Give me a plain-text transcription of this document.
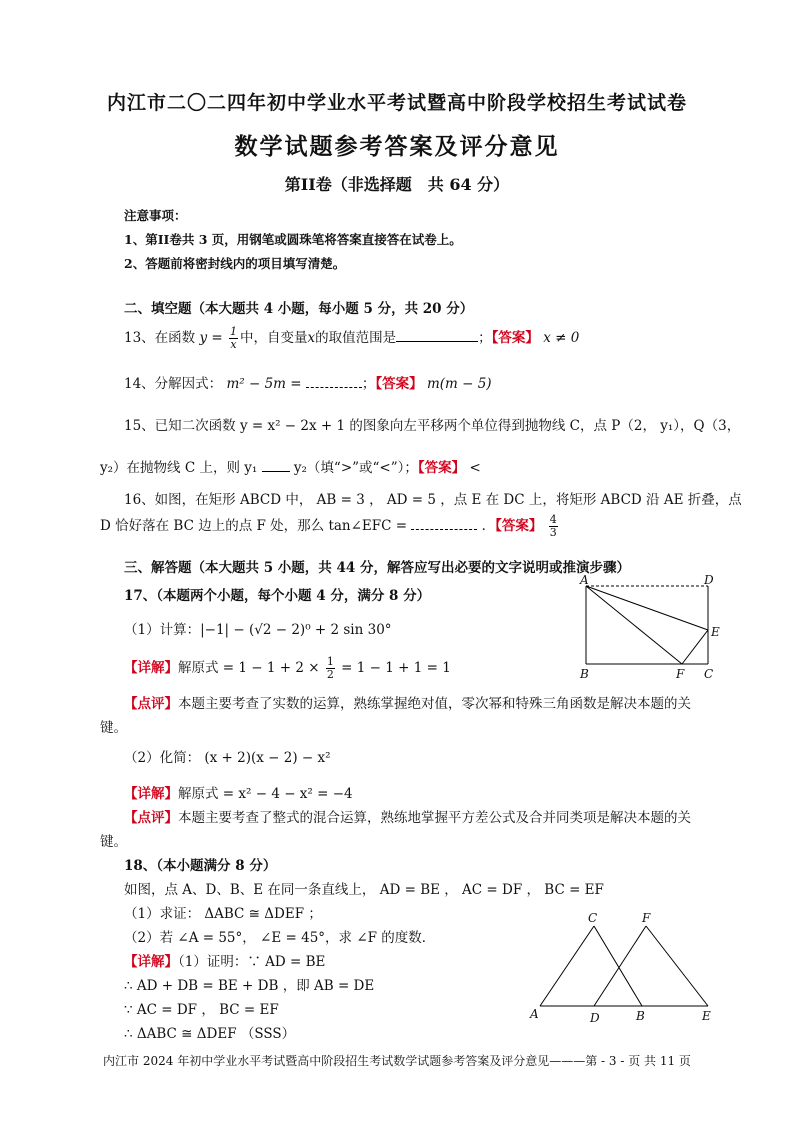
内江市二〇二四年初中学业水平考试暨高中阶段学校招生考试试卷
数学试题参考答案及评分意见
第II卷（非选择题　共 64 分）
注意事项：
1、第II卷共 3 页，用钢笔或圆珠笔将答案直接答在试卷上。
2、答题前将密封线内的项目填写清楚。
二、填空题（本大题共 4 小题，每小题 5 分，共 20 分）
13、在函数 $y = \frac{1}{x}$ 中，自变量x的取值范围是	；【答案】 x ≠ 0
14、分解因式： m² − 5m =	；【答案】 m(m − 5)
15、已知二次函数 y = x² − 2x + 1 的图象向左平移两个单位得到抛物线 C，点 P（2， y₁），Q（3，
y₂）在抛物线 C 上，则 y₁	y₂（填“>”或“<”）；【答案】 <
16、如图，在矩形 ABCD 中， AB = 3 ， AD = 5 ，点 E 在 DC 上，将矩形 ABCD 沿 AE 折叠，点
D 恰好落在 BC 边上的点 F 处，那么 tan∠EFC =	．【答案】 $\frac{4}{3}$
三、解答题（本大题共 5 小题，共 44 分，解答应写出必要的文字说明或推演步骤）
17、（本题两个小题，每个小题 4 分，满分 8 分）
（1）计算：|−1| − (√2 − 2)⁰ + 2 sin 30°
【详解】解原式 = $1 - 1 + 2 \times \frac{1}{2} = 1 - 1 + 1 = 1$
【点评】本题主要考查了实数的运算，熟练掌握绝对值，零次幂和特殊三角函数是解决本题的关
键。
（2）化简： (x + 2)(x − 2) − x²
【详解】解原式 = x² − 4 − x² = −4
【点评】本题主要考查了整式的混合运算，熟练地掌握平方差公式及合并同类项是解决本题的关
键。
18、（本小题满分 8 分）
如图，点 A、D、B、E 在同一条直线上， AD = BE ， AC = DF ， BC = EF
（1）求证： ΔABC ≅ ΔDEF ；
（2）若 ∠A = 55°， ∠E = 45°，求 ∠F 的度数．
【详解】（1）证明：∵ AD = BE
∴ AD + DB = BE + DB ，即 AB = DE
∵ AC = DF ， BC = EF
∴ ΔABC ≅ ΔDEF （SSS）
A	D
E
B	F C
C	F
A	D	B	E
内江市 2024 年初中学业水平考试暨高中阶段招生考试数学试题参考答案及评分意见———第 - 3 - 页 共 11 页
